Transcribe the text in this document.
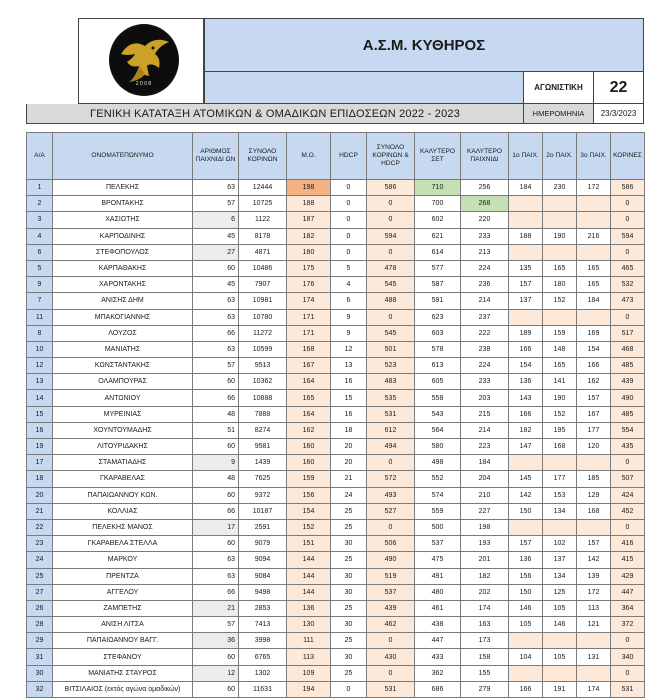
2008
Α.Σ.Μ. ΚΥΘΗΡΟΣ
ΑΓΩΝΙΣΤΙΚΗ	22
ΓΕΝΙΚΗ ΚΑΤΑΤΑΞΗ ΑΤΟΜΙΚΩΝ & ΟΜΑΔΙΚΩΝ ΕΠΙΔΟΣΕΩΝ 2022 - 2023	ΗΜΕΡΟΜΗΝΙΑ	23/3/2023
Α/Α	ΟΝΟΜΑΤΕΠΩΝΥΜΟ	ΑΡΙΘΜΟΣ ΠΑΙΧΝΙΔΙ ΩΝ	ΣΥΝΟΛΟ ΚΟΡΙΝΩΝ	Μ.Ο.	HDCP	ΣΥΝΟΛΟ ΚΟΡΙΝΩΝ & HDCP	ΚΑΛΥΤΕΡΟ ΣΕΤ	ΚΑΛΥΤΕΡΟ ΠΑΙΧΝΙΔΙ	1ο ΠΑΙΧ.	2ο ΠΑΙΧ.	3ο ΠΑΙΧ.	ΚΟΡΙΝΕΣ
1	ΠΕΛΕΚΗΣ	63	12444	198	0	586	710	256	184	230	172	586
2	ΒΡΟΝΤΑΚΗΣ	57	10725	188	0	0	700	268				0
3	ΧΑΣΙΩΤΗΣ	6	1122	187	0	0	602	220				0
4	ΚΑΡΠΟΔΙΝΗΣ	45	8178	182	0	594	621	233	188	190	216	594
6	ΣΤΕΦΟΠΟΥΛΟΣ	27	4871	180	0	0	614	213				0
5	ΚΑΡΠΑΘΑΚΗΣ	60	10486	175	5	478	577	224	135	165	165	465
9	ΧΑΡΟΝΤΑΚΗΣ	45	7907	176	4	545	587	236	157	180	165	532
7	ΑΝΙΣΗΣ ΔΗΜ	63	10981	174	6	488	591	214	137	152	184	473
11	ΜΠΑΚΟΓΙΑΝΝΗΣ	63	10780	171	9	0	623	237				0
8	ΛΟΥΖΟΣ	66	11272	171	9	545	603	222	189	159	169	517
10	ΜΑΝΙΑΤΗΣ	63	10599	168	12	501	578	238	166	148	154	468
12	ΚΩΝΣΤΑΝΤΑΚΗΣ	57	9513	167	13	523	613	224	154	165	166	485
13	ΟΛΑΜΠΟΥΡΑΣ	60	10362	164	16	483	605	233	136	141	162	439
14	ΑΝΤΩΝΙΟΥ	66	10888	165	15	535	558	203	143	190	157	490
15	ΜΥΡΕΙΝΙΑΣ	48	7888	164	16	531	543	215	166	152	167	485
16	ΧΟΥΝΤΟΥΜΑΔΗΣ	51	8274	162	18	612	564	214	182	195	177	554
19	ΛΙΤΟΥΡΙΔΑΚΗΣ	60	9581	160	20	494	580	223	147	168	120	435
17	ΣΤΑΜΑΤΙΑΔΗΣ	9	1439	160	20	0	498	184				0
18	ΓΚΑΡΑΒΕΛΑΣ	48	7625	159	21	572	552	204	145	177	185	507
20	ΠΑΠΑΙΩΑΝΝΟΥ ΚΩΝ.	60	9372	156	24	493	574	210	142	153	129	424
21	ΚΟΛΛΙΑΣ	66	10187	154	25	527	559	227	150	134	168	452
22	ΠΕΛΕΚΗΣ ΜΑΝΟΣ	17	2591	152	25	0	500	198				0
23	ΓΚΑΡΑΒΕΛΑ ΣΤΕΛΛΑ	60	9079	151	30	506	537	193	157	102	157	416
24	ΜΑΡΚΟΥ	63	9094	144	25	490	475	201	136	137	142	415
25	ΠΡΕΝΤΖΑ	63	9084	144	30	519	491	182	156	134	139	429
27	ΑΓΓΕΛΟΥ	66	9498	144	30	537	480	202	150	125	172	447
26	ΖΑΜΠΕΤΗΣ	21	2853	136	25	439	461	174	146	105	113	364
28	ΑΝΙΣΗ ΛΙΤΣΑ	57	7413	130	30	462	438	163	105	146	121	372
29	ΠΑΠΑΙΩΑΝΝΟΥ ΒΑΓΓ.	36	3998	111	25	0	447	173				0
31	ΣΤΕΦΑΝΟΥ	60	6765	113	30	430	433	158	104	105	131	340
30	ΜΑΝΙΑΤΗΣ ΣΤΑΥΡΟΣ	12	1302	109	25	0	362	155				0
32	ΒΙΤΣΙΛΑΙΟΣ (εκτός αγώνα ομαδικών)	60	11631	194	0	531	686	279	166	191	174	531
